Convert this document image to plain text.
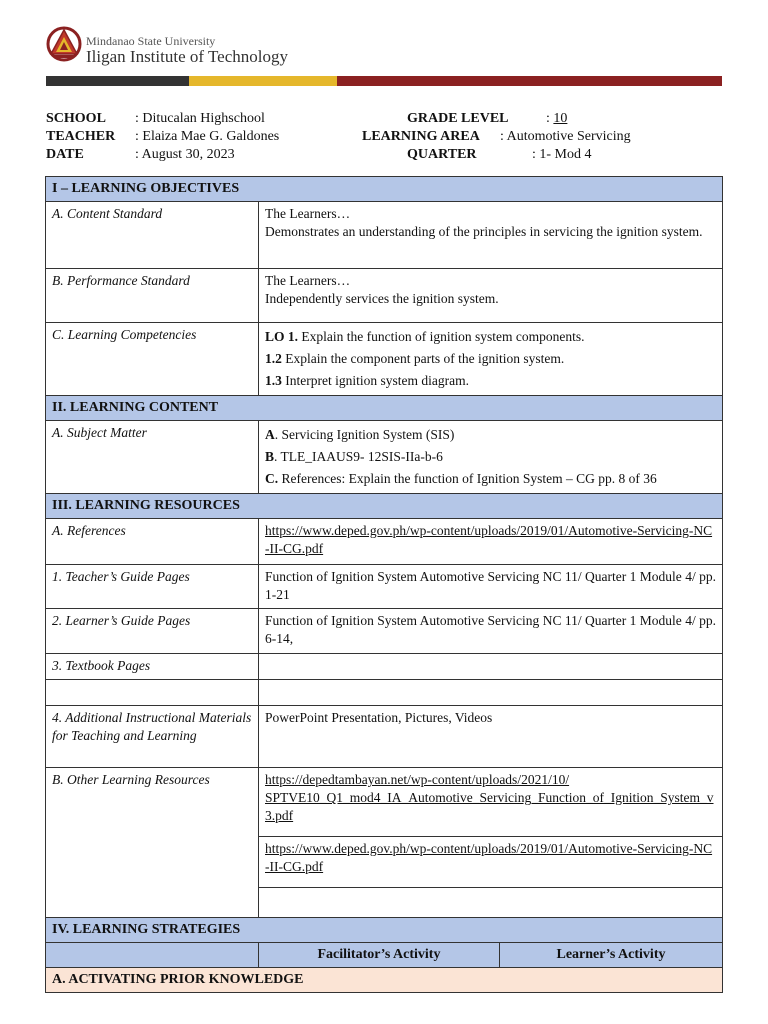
Mindanao State University
Iligan Institute of Technology
SCHOOL : Ditucalan Highschool
TEACHER : Elaiza Mae G. Galdones
DATE	: August 30, 2023
GRADE LEVEL	: 10
LEARNING AREA : Automotive Servicing
QUARTER	: 1- Mod 4
I – LEARNING OBJECTIVES		
A. Content Standard	The Learners…
Demonstrates an understanding of the principles in servicing the ignition system.	

B. Performance Standard	The Learners…
Independently services the ignition system.	

C. Learning Competencies	LO 1. Explain the function of ignition system components.
1.2 Explain the component parts of the ignition system.
1.3 Interpret ignition system diagram.	

II. LEARNING CONTENT		
A. Subject Matter	A. Servicing Ignition System (SIS)
B. TLE_IAAUS9- 12SIS-IIa-b-6
C. References: Explain the function of Ignition System – CG pp. 8 of 36	

III. LEARNING RESOURCES		
A. References	https://www.deped.gov.ph/wp-content/uploads/2019/01/Automotive-Servicing-NC-II-CG.pdf	
1. Teacher’s Guide Pages	Function of Ignition System Automotive Servicing NC 11/ Quarter 1 Module 4/ pp. 1-21	
2. Learner’s Guide Pages	Function of Ignition System Automotive Servicing NC 11/ Quarter 1 Module 4/ pp. 6-14,	
3. Textbook Pages		

4. Additional Instructional Materials for Teaching and Learning	PowerPoint Presentation, Pictures, Videos	
B. Other Learning Resources	https://depedtambayan.net/wp-content/uploads/2021/10/
SPTVE10_Q1_mod4_IA_Automotive_Servicing_Function_of_Ignition_System_v3.pdf
https://www.deped.gov.ph/wp-content/uploads/2019/01/Automotive-Servicing-NC-II-CG.pdf	

IV. LEARNING STRATEGIES		
	Facilitator’s Activity	Learner’s Activity
A. ACTIVATING PRIOR KNOWLEDGE		
